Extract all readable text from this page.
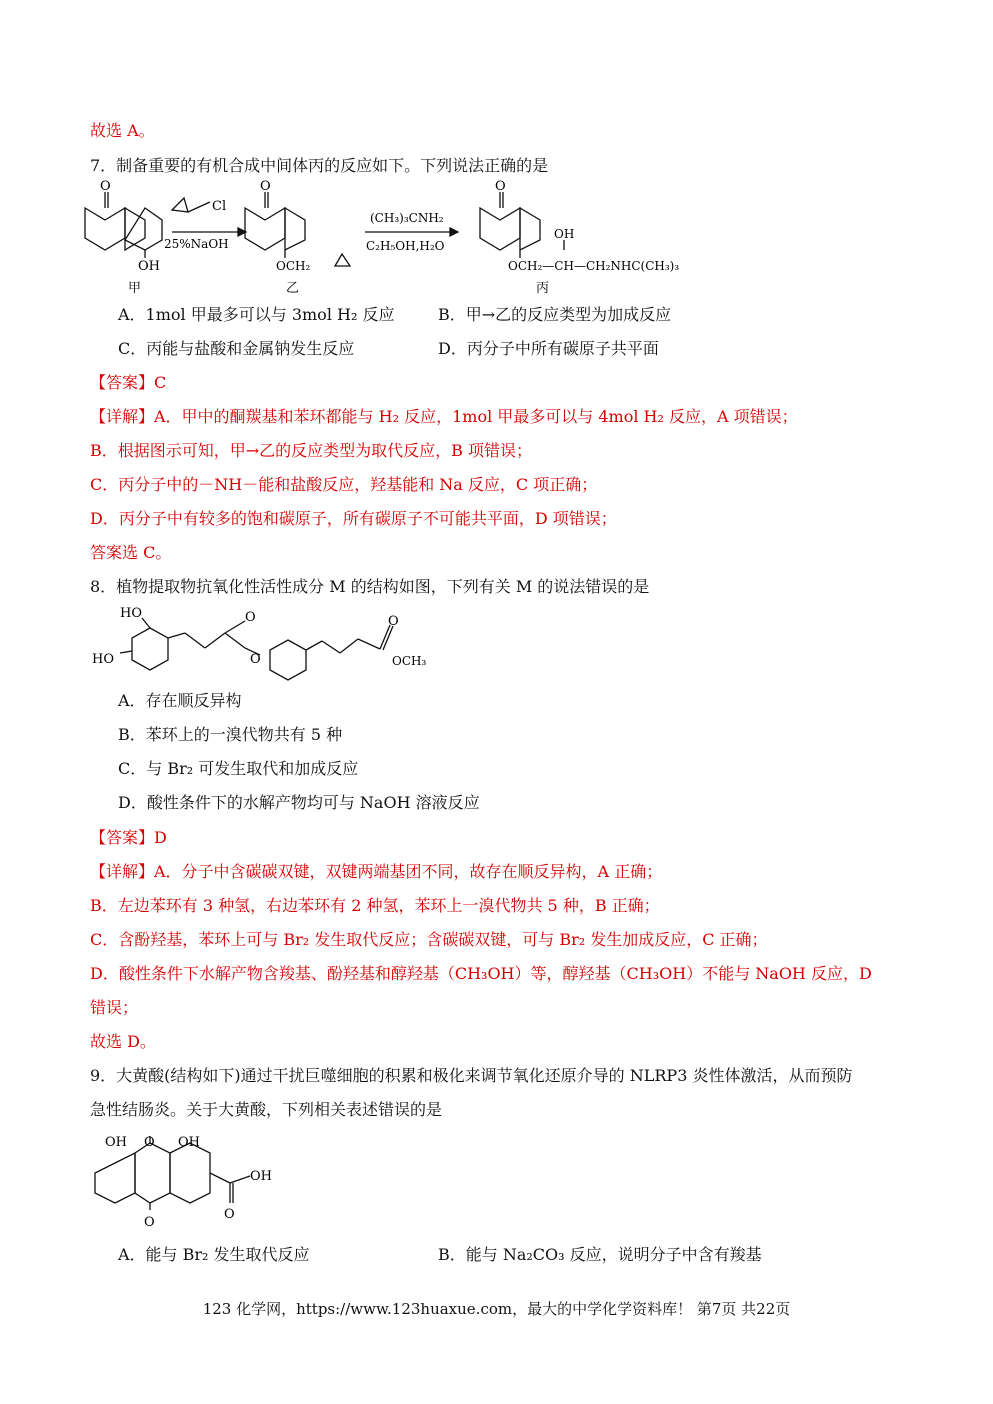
故选 A。
7．制备重要的有机合成中间体丙的反应如下。下列说法正确的是
O
OH
甲
Cl
25%NaOH
O
OCH₂
乙
(CH₃)₃CNH₂
C₂H₅OH,H₂O
O
OH
OCH₂—CH—CH₂NHC(CH₃)₃
丙
A．1mol 甲最多可以与 3mol H₂ 反应	B．甲→乙的反应类型为加成反应
C．丙能与盐酸和金属钠发生反应	D．丙分子中所有碳原子共平面
【答案】C
【详解】A．甲中的酮羰基和苯环都能与 H₂ 反应，1mol 甲最多可以与 4mol H₂ 反应，A 项错误；
B．根据图示可知，甲→乙的反应类型为取代反应，B 项错误；
C．丙分子中的－NH－能和盐酸反应，羟基能和 Na 反应，C 项正确；
D．丙分子中有较多的饱和碳原子，所有碳原子不可能共平面，D 项错误；
答案选 C。
8．植物提取物抗氧化性活性成分 M 的结构如图，下列有关 M 的说法错误的是
HO
HO
O
O
O
OCH₃
A．存在顺反异构
B．苯环上的一溴代物共有 5 种
C．与 Br₂ 可发生取代和加成反应
D．酸性条件下的水解产物均可与 NaOH 溶液反应
【答案】D
【详解】A．分子中含碳碳双键，双键两端基团不同，故存在顺反异构，A 正确；
B．左边苯环有 3 种氢，右边苯环有 2 种氢，苯环上一溴代物共 5 种，B 正确；
C．含酚羟基，苯环上可与 Br₂ 发生取代反应；含碳碳双键，可与 Br₂ 发生加成反应，C 正确；
D．酸性条件下水解产物含羧基、酚羟基和醇羟基（CH₃OH）等，醇羟基（CH₃OH）不能与 NaOH 反应，D
错误；
故选 D。
9．大黄酸(结构如下)通过干扰巨噬细胞的积累和极化来调节氧化还原介导的 NLRP3 炎性体激活，从而预防
急性结肠炎。关于大黄酸，下列相关表述错误的是
OH O OH
O
OH
O
A．能与 Br₂ 发生取代反应	B．能与 Na₂CO₃ 反应，说明分子中含有羧基
123 化学网，https://www.123huaxue.com，最大的中学化学资料库！ 第7页 共22页
